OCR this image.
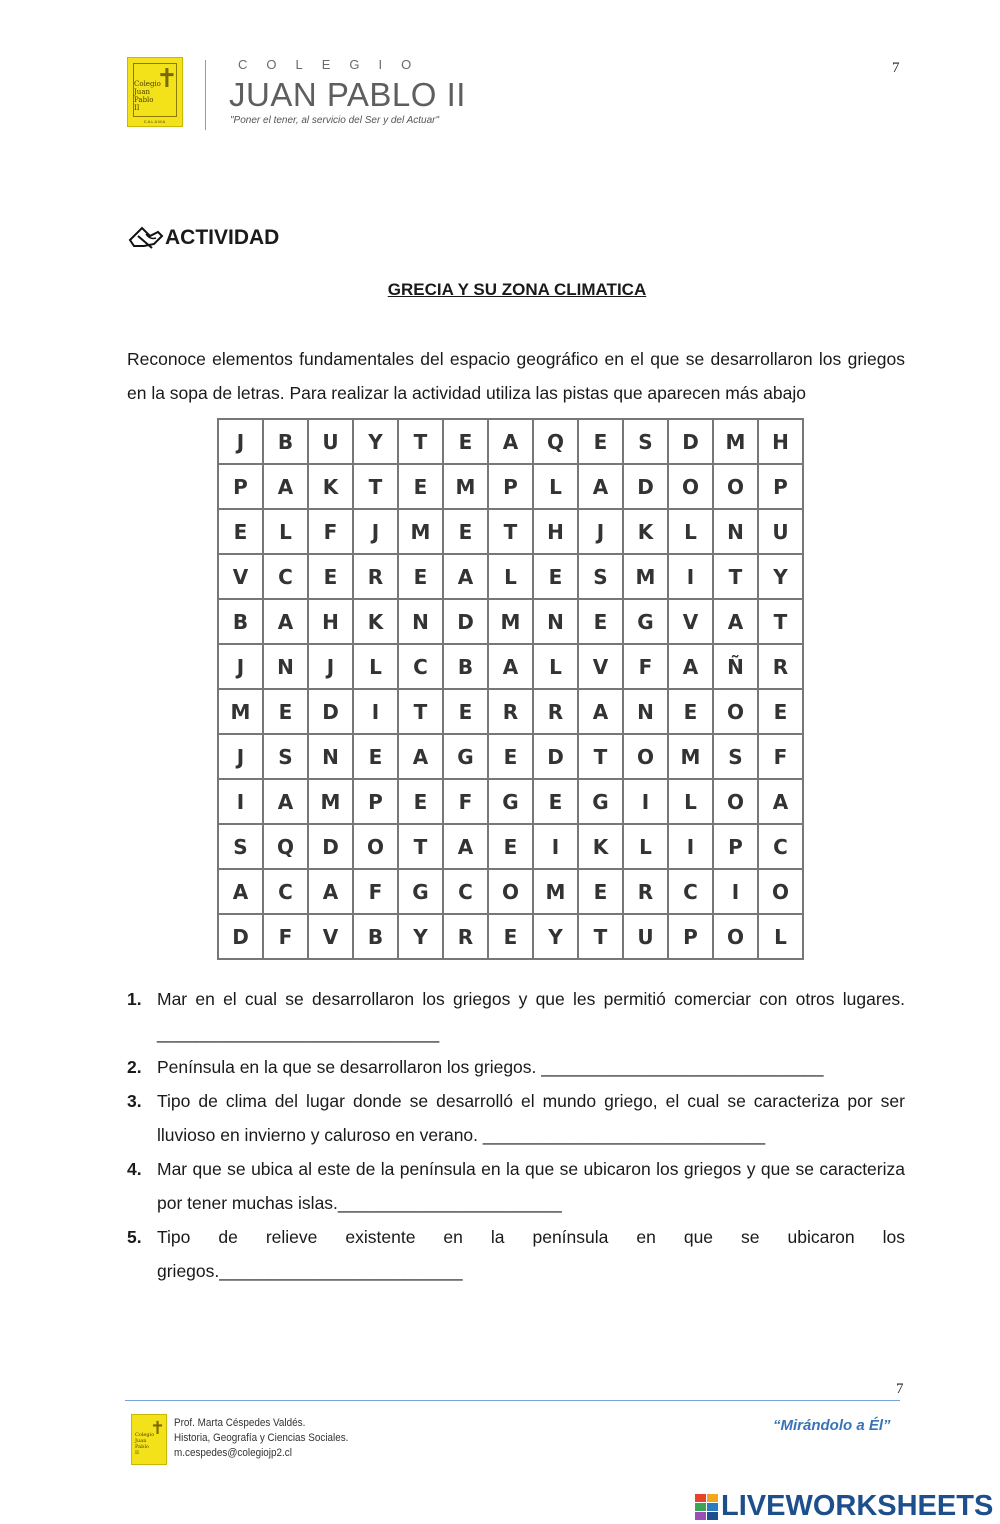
✝
Colegio
Juan
Pablo II
CALAMA
COLEGIO
JUAN PABLO II
"Poner el tener, al servicio del Ser y del Actuar"
7
ACTIVIDAD
GRECIA Y SU ZONA CLIMATICA
Reconoce elementos fundamentales del espacio geográfico en el que se desarrollaron los griegos en la sopa de letras. Para realizar la actividad utiliza las pistas que aparecen más abajo
J	B	U	Y	T	E	A	Q	E	S	D	M	H
P	A	K	T	E	M	P	L	A	D	O	O	P
E	L	F	J	M	E	T	H	J	K	L	N	U
V	C	E	R	E	A	L	E	S	M	I	T	Y
B	A	H	K	N	D	M	N	E	G	V	A	T
J	N	J	L	C	B	A	L	V	F	A	Ñ	R
M	E	D	I	T	E	R	R	A	N	E	O	E
J	S	N	E	A	G	E	D	T	O	M	S	F
I	A	M	P	E	F	G	E	G	I	L	O	A
S	Q	D	O	T	A	E	I	K	L	I	P	C
A	C	A	F	G	C	O	M	E	R	C	I	O
D	F	V	B	Y	R	E	Y	T	U	P	O	L
1. Mar en el cual se desarrollaron los griegos y que les permitió comerciar con otros lugares. _____________________________
2. Península en la que se desarrollaron los griegos. _____________________________
3. Tipo de clima del lugar donde se desarrolló el mundo griego, el cual se caracteriza por ser lluvioso en invierno y caluroso en verano. _____________________________
4. Mar que se ubica al este de la península en la que se ubicaron los griegos y que se caracteriza por tener muchas islas._______________________
5. Tipo de relieve existente en la península en que se ubicaron los griegos._________________________
7
✝
Colegio
Juan
Pablo II
Prof. Marta Céspedes Valdés.
Historia, Geografía y Ciencias Sociales.
m.cespedes@colegiojp2.cl
“Mirándolo a Él”
LIVEWORKSHEETS
